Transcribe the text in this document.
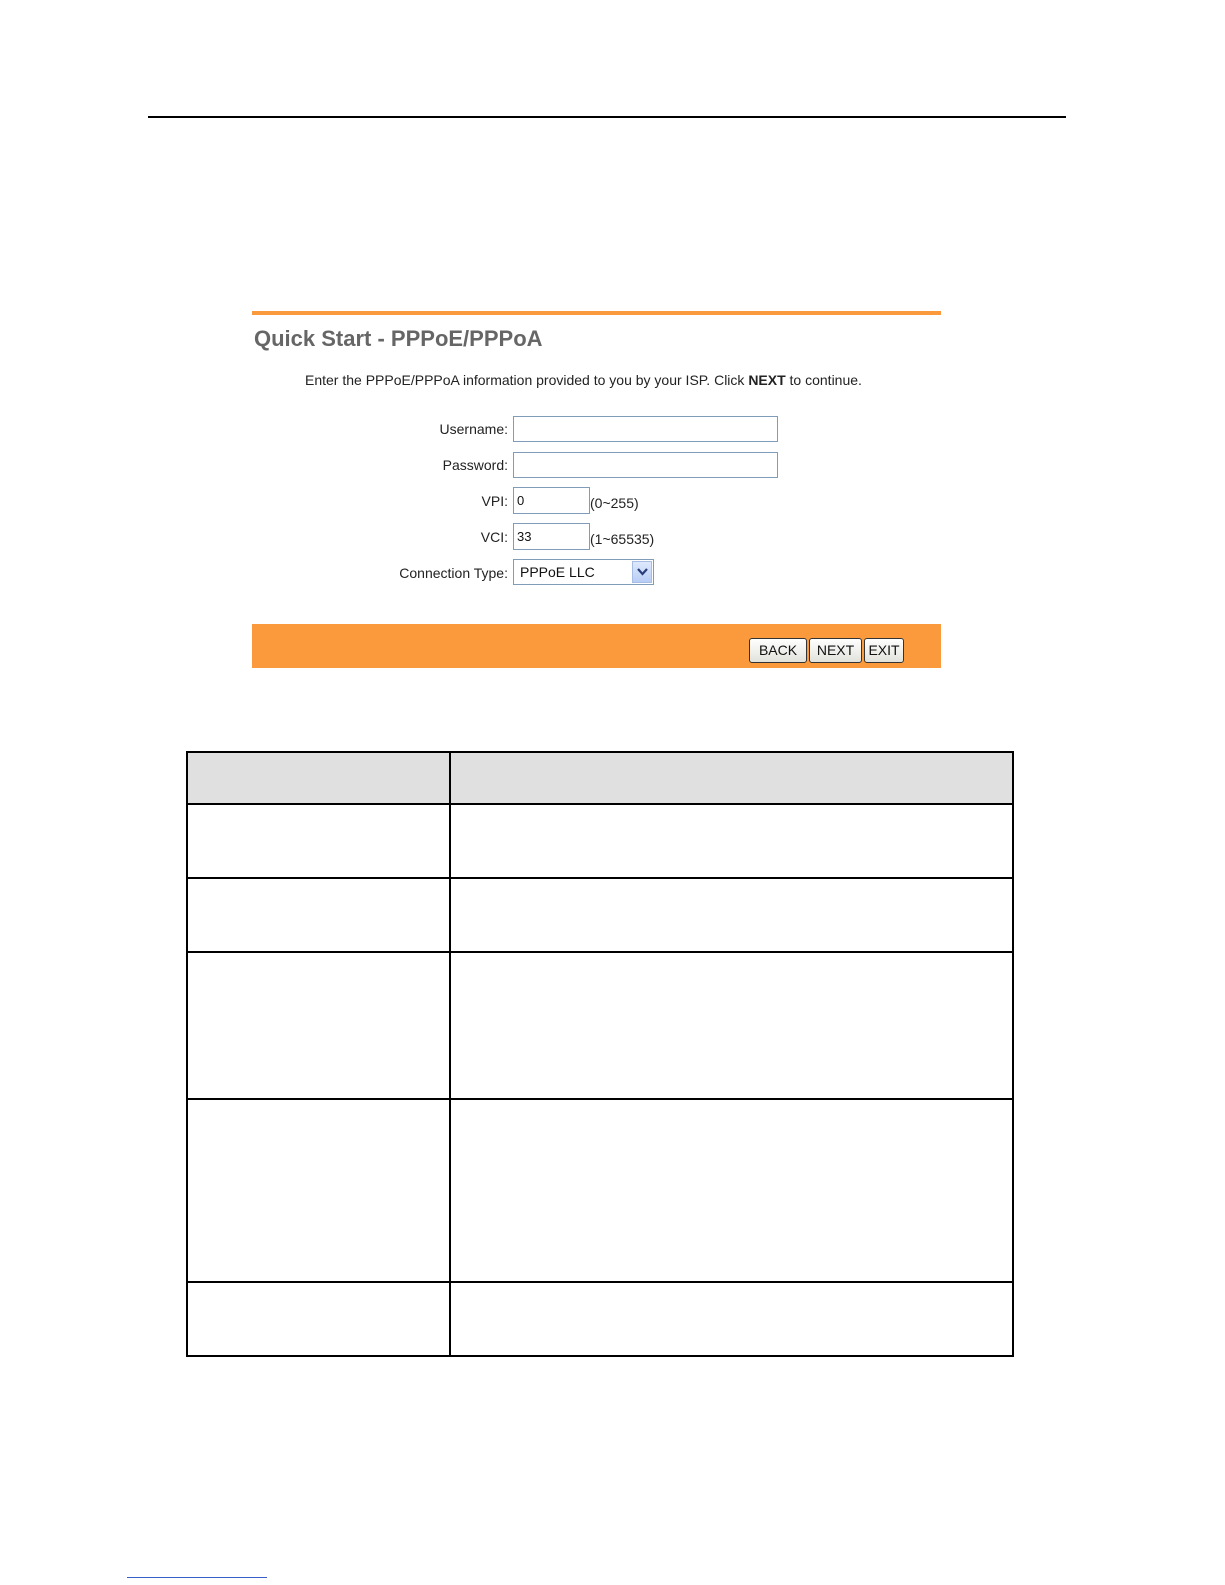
Quick Start - PPPoE/PPPoA
Enter the PPPoE/PPPoA information provided to you by your ISP. Click NEXT to continue.
Username:
Password:
VPI:
0	(0~255)
VCI:
33	(1~65535)
Connection Type: PPPoE LLC
BACK	NEXT	EXIT
